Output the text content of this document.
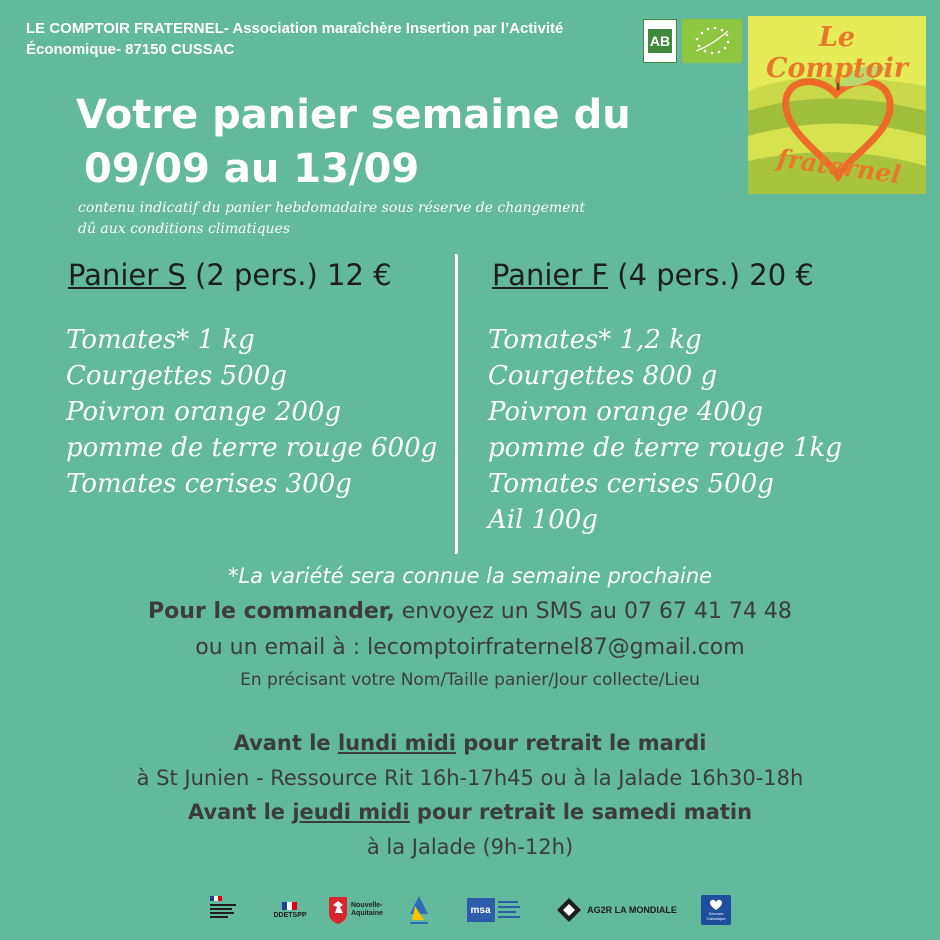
LE COMPTOIR FRATERNEL- Association maraîchère Insertion par l’Activité
Économique- 87150 CUSSAC	AB	Le Comptoir
fraternel
Votre panier semaine du
09/09 au 13/09
contenu indicatif du panier hebdomadaire sous réserve de changement
dû aux conditions climatiques
Panier S (2 pers.) 12 €
Tomates* 1 kg
Courgettes 500g
Poivron orange 200g
pomme de terre rouge 600g
Tomates cerises 300g
Panier F (4 pers.) 20 €
Tomates* 1,2 kg
Courgettes 800 g
Poivron orange 400g
pomme de terre rouge 1kg
Tomates cerises 500g
Ail 100g
*La variété sera connue la semaine prochaine
Pour le commander, envoyez un SMS au 07 67 41 74 48
ou un email à : lecomptoirfraternel87@gmail.com
En précisant votre Nom/Taille panier/Jour collecte/Lieu
Avant le lundi midi pour retrait le mardi
à St Junien - Ressource Rit 16h-17h45 ou à la Jalade 16h30-18h
Avant le jeudi midi pour retrait le samedi matin
à la Jalade (9h-12h)
DDETSPP
Nouvelle-Aquitaine	msa	AG2R LA MONDIALE	Secours Catholique
